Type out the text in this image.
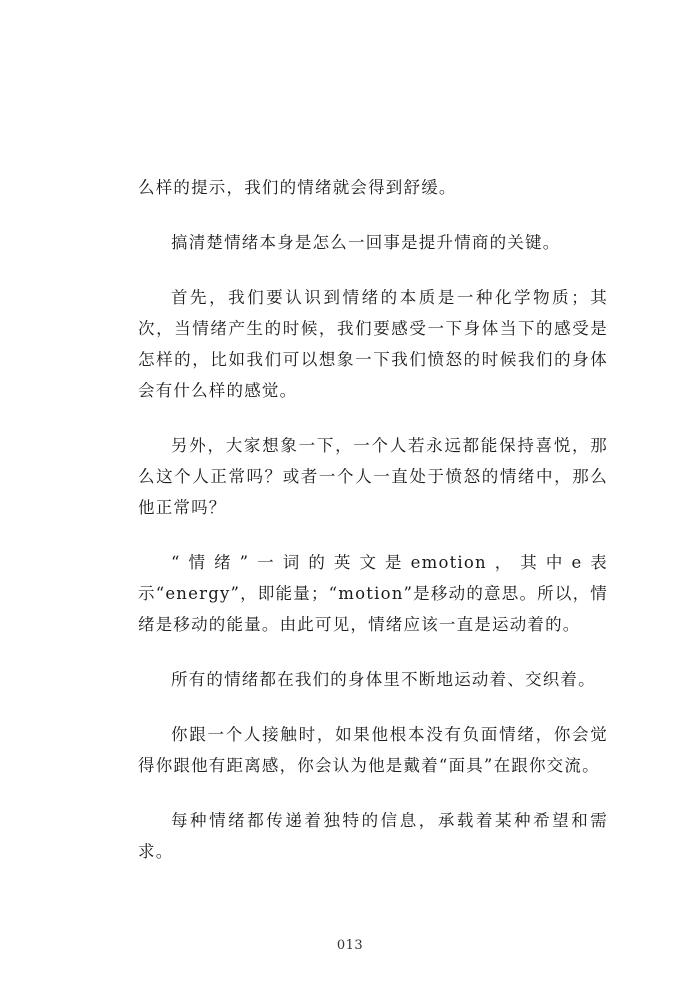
么样的提示，我们的情绪就会得到舒缓。

搞清楚情绪本身是怎么一回事是提升情商的关键。

首先，我们要认识到情绪的本质是一种化学物质；其次，当情绪产生的时候，我们要感受一下身体当下的感受是怎样的，比如我们可以想象一下我们愤怒的时候我们的身体会有什么样的感觉。

另外，大家想象一下，一个人若永远都能保持喜悦，那么这个人正常吗？或者一个人一直处于愤怒的情绪中，那么他正常吗？

“情绪”一词的英文是emotion，其中e表示“energy”，即能量；“motion”是移动的意思。所以，情绪是移动的能量。由此可见，情绪应该一直是运动着的。

所有的情绪都在我们的身体里不断地运动着、交织着。

你跟一个人接触时，如果他根本没有负面情绪，你会觉得你跟他有距离感，你会认为他是戴着“面具”在跟你交流。

每种情绪都传递着独特的信息，承载着某种希望和需求。

013
